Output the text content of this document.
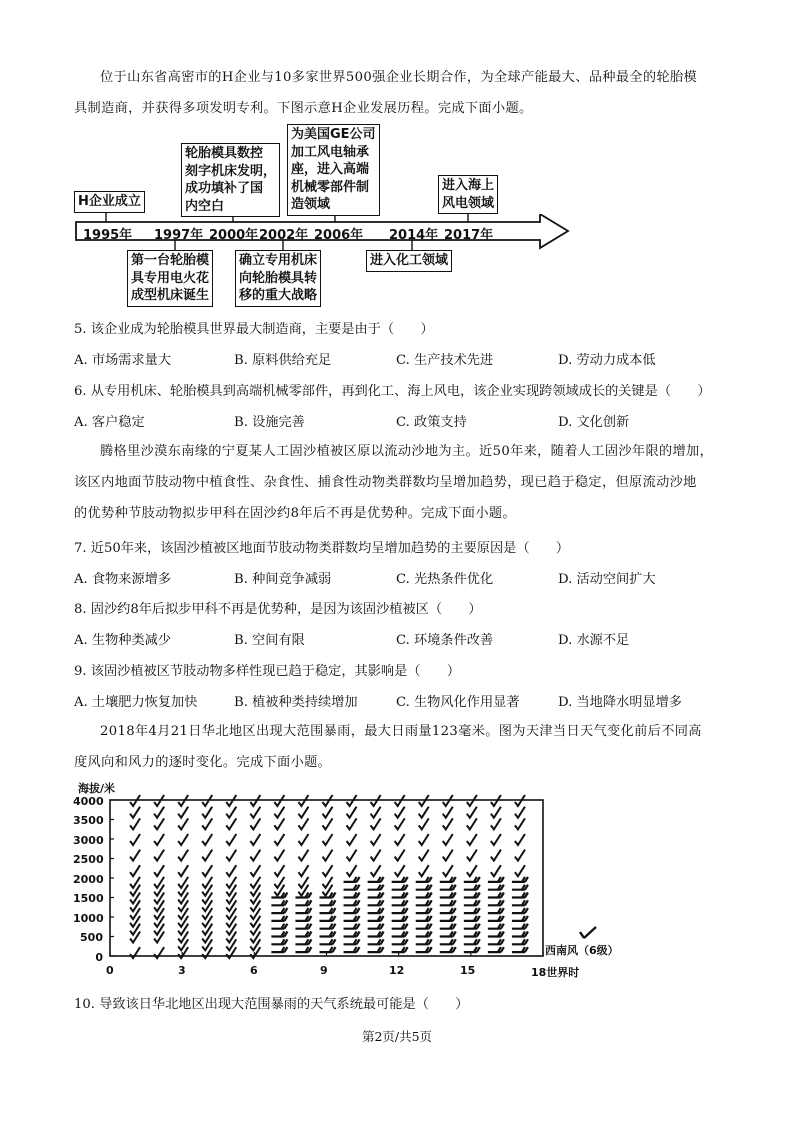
位于山东省高密市的H企业与10多家世界500强企业长期合作，为全球产能最大、品种最全的轮胎模
具制造商，并获得多项发明专利。下图示意H企业发展历程。完成下面小题。
1995年 1997年 2000年 2002年 2006年 2014年 2017年
H企业成立
轮胎模具数控
刻字机床发明，
成功填补了国
内空白
为美国GE公司
加工风电轴承
座，进入高端
机械零部件制
造领域
进入海上
风电领域
第一台轮胎模
具专用电火花
成型机床诞生
确立专用机床
向轮胎模具转
移的重大战略
进入化工领域
5. 该企业成为轮胎模具世界最大制造商，主要是由于（　　）
A. 市场需求量大	B. 原料供给充足	C. 生产技术先进	D. 劳动力成本低
6. 从专用机床、轮胎模具到高端机械零部件，再到化工、海上风电，该企业实现跨领域成长的关键是（　　）
A. 客户稳定	B. 设施完善	C. 政策支持	D. 文化创新
腾格里沙漠东南缘的宁夏某人工固沙植被区原以流动沙地为主。近50年来，随着人工固沙年限的增加，
该区内地面节肢动物中植食性、杂食性、捕食性动物类群数均呈增加趋势，现已趋于稳定，但原流动沙地
的优势种节肢动物拟步甲科在固沙约8年后不再是优势种。完成下面小题。
7. 近50年来，该固沙植被区地面节肢动物类群数均呈增加趋势的主要原因是（　　）
A. 食物来源增多	B. 种间竞争减弱	C. 光热条件优化	D. 活动空间扩大
8. 固沙约8年后拟步甲科不再是优势种，是因为该固沙植被区（　　）
A. 生物种类减少	B. 空间有限	C. 环境条件改善	D. 水源不足
9. 该固沙植被区节肢动物多样性现已趋于稳定，其影响是（　　）
A. 土壤肥力恢复加快	B. 植被种类持续增加	C. 生物风化作用显著	D. 当地降水明显增多
2018年4月21日华北地区出现大范围暴雨，最大日雨量123毫米。图为天津当日天气变化前后不同高
度风向和风力的逐时变化。完成下面小题。
海拔/米
4000
3500
3000
2500
2000
1500
1000
500
0
0	3	6	9	12	15	18世界时
西南风（6级）
10. 导致该日华北地区出现大范围暴雨的天气系统最可能是（　　）
第2页/共5页
